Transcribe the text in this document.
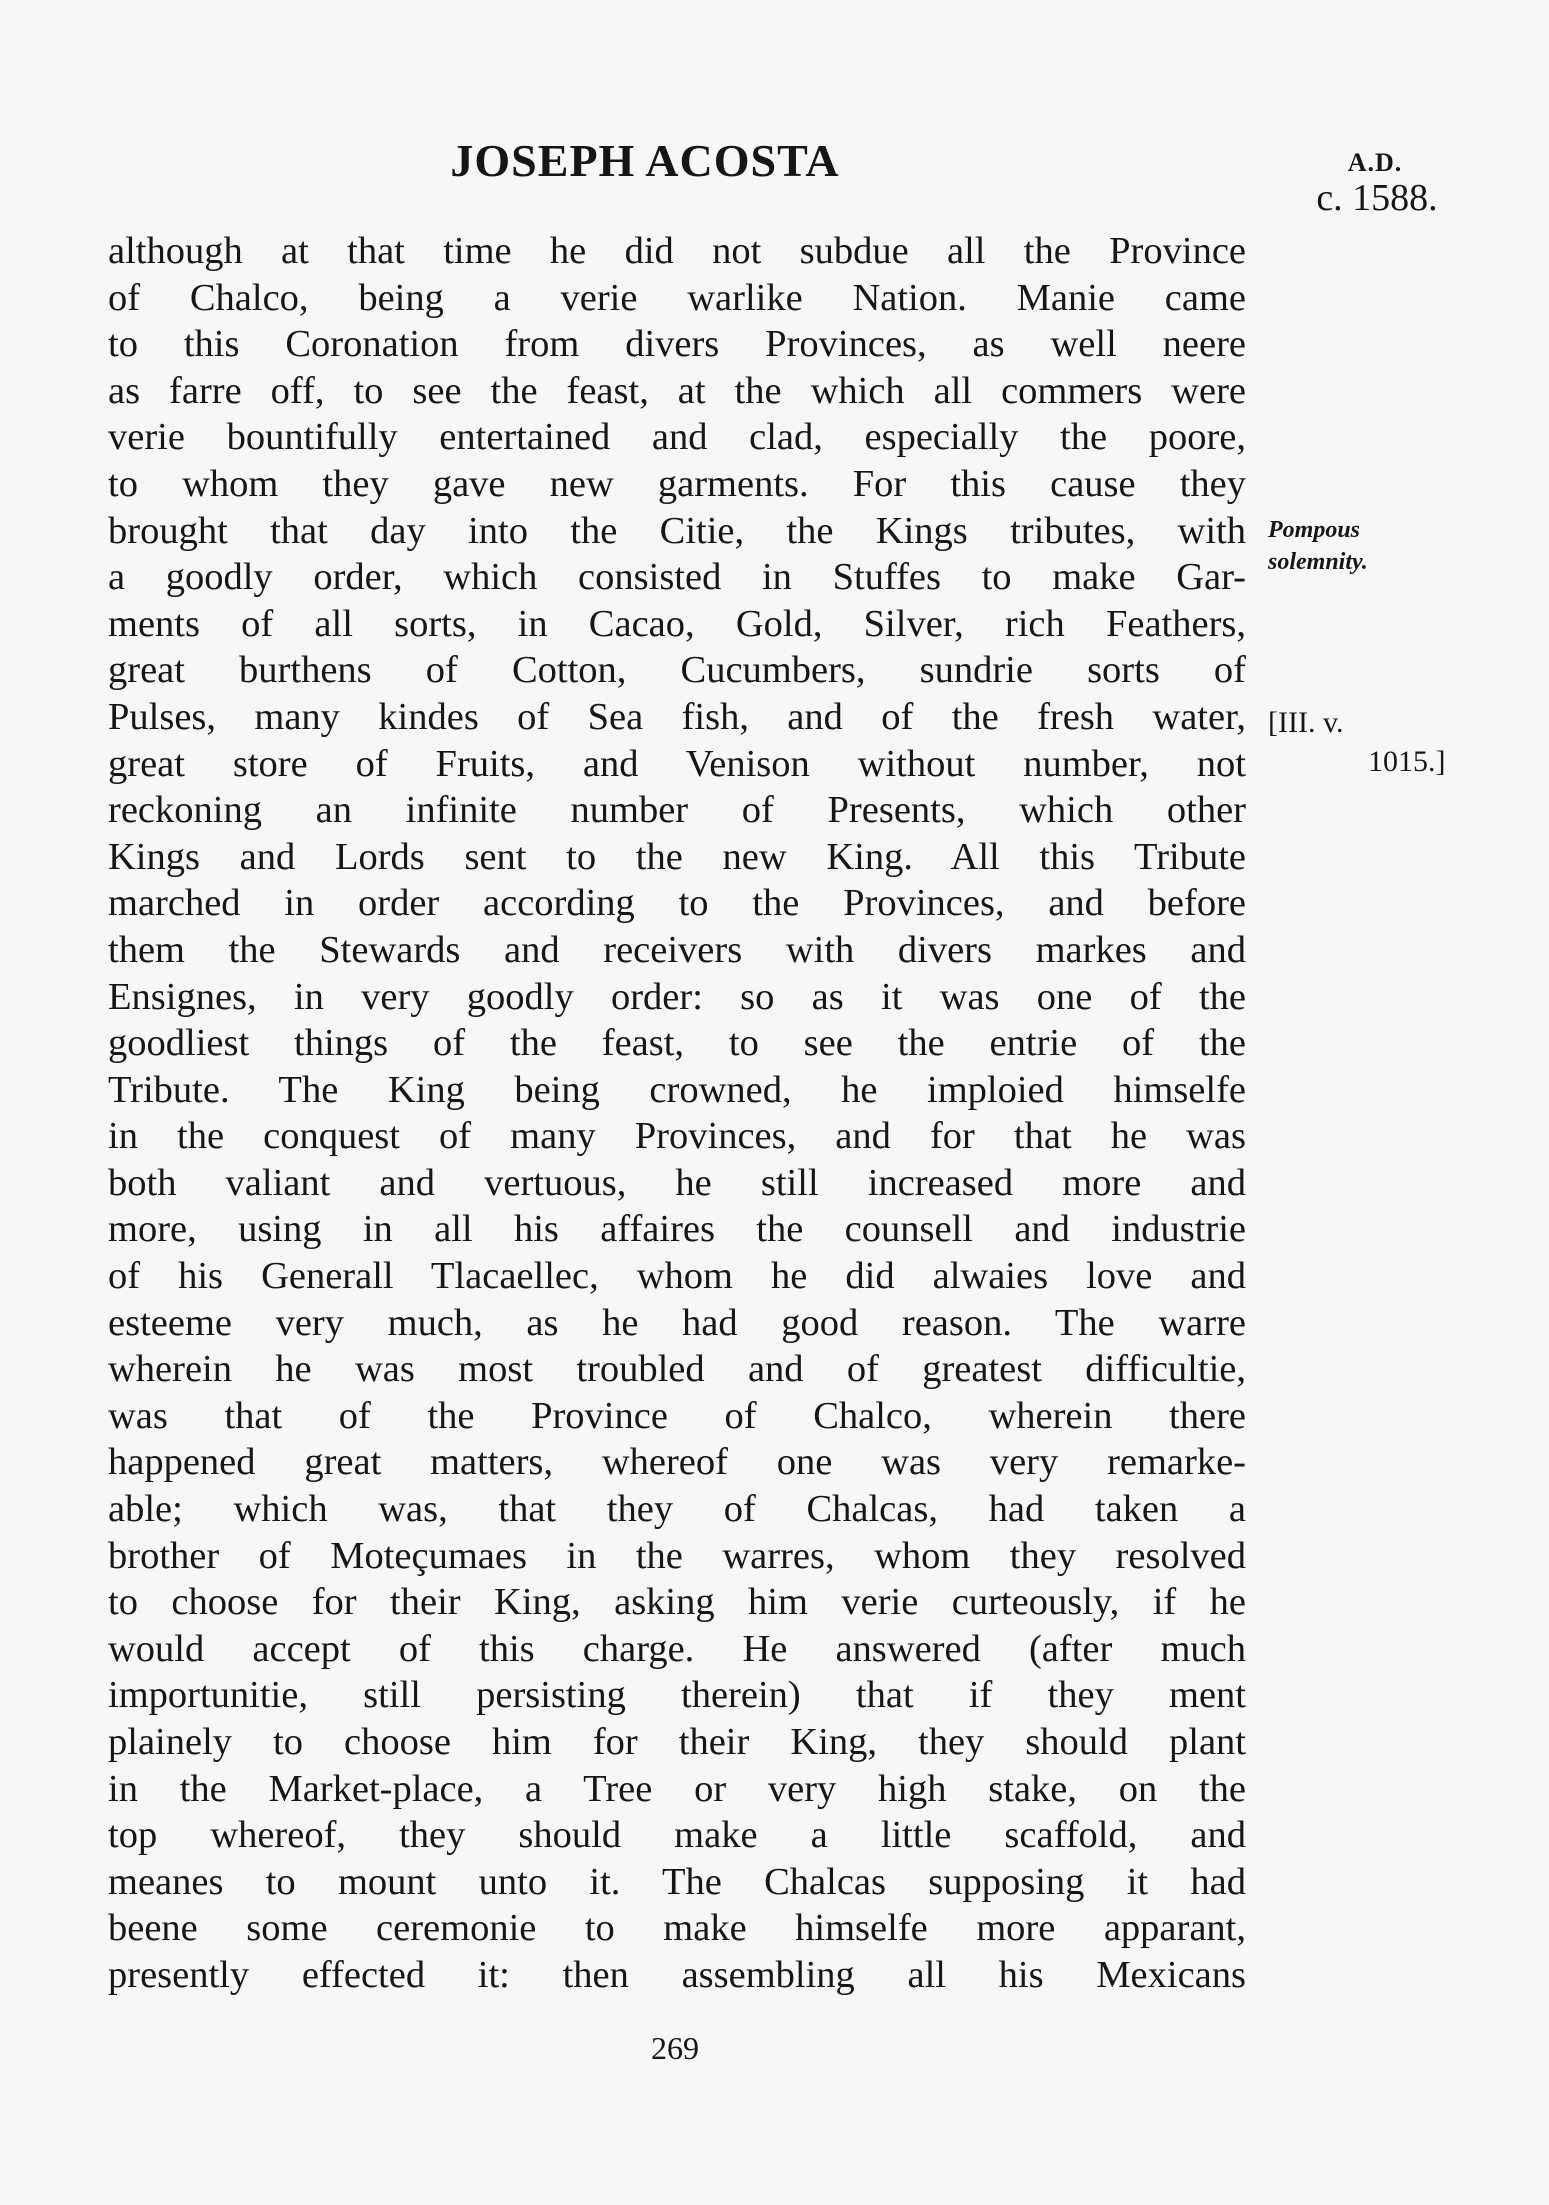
JOSEPH ACOSTA	A.D.
c. 1588.
although at that time he did not subdue all the Province
of Chalco, being a verie warlike Nation. Manie came
to this Coronation from divers Provinces, as well neere
as farre off, to see the feast, at the which all commers were
verie bountifully entertained and clad, especially the poore,
to whom they gave new garments. For this cause they
brought that day into the Citie, the Kings tributes, with
a goodly order, which consisted in Stuffes to make Gar-
ments of all sorts, in Cacao, Gold, Silver, rich Feathers,
great burthens of Cotton, Cucumbers, sundrie sorts of
Pulses, many kindes of Sea fish, and of the fresh water,
great store of Fruits, and Venison without number, not
reckoning an infinite number of Presents, which other
Kings and Lords sent to the new King. All this Tribute
marched in order according to the Provinces, and before
them the Stewards and receivers with divers markes and
Ensignes, in very goodly order: so as it was one of the
goodliest things of the feast, to see the entrie of the
Tribute. The King being crowned, he imploied himselfe
in the conquest of many Provinces, and for that he was
both valiant and vertuous, he still increased more and
more, using in all his affaires the counsell and industrie
of his Generall Tlacaellec, whom he did alwaies love and
esteeme very much, as he had good reason. The warre
wherein he was most troubled and of greatest difficultie,
was that of the Province of Chalco, wherein there
happened great matters, whereof one was very remarke-
able; which was, that they of Chalcas, had taken a
brother of Moteçumaes in the warres, whom they resolved
to choose for their King, asking him verie curteously, if he
would accept of this charge. He answered (after much
importunitie, still persisting therein) that if they ment
plainely to choose him for their King, they should plant
in the Market-place, a Tree or very high stake, on the
top whereof, they should make a little scaffold, and
meanes to mount unto it. The Chalcas supposing it had
beene some ceremonie to make himselfe more apparant,
presently effected it: then assembling all his Mexicans
Pompous
solemnity.
[III. v.
1015.]
269
